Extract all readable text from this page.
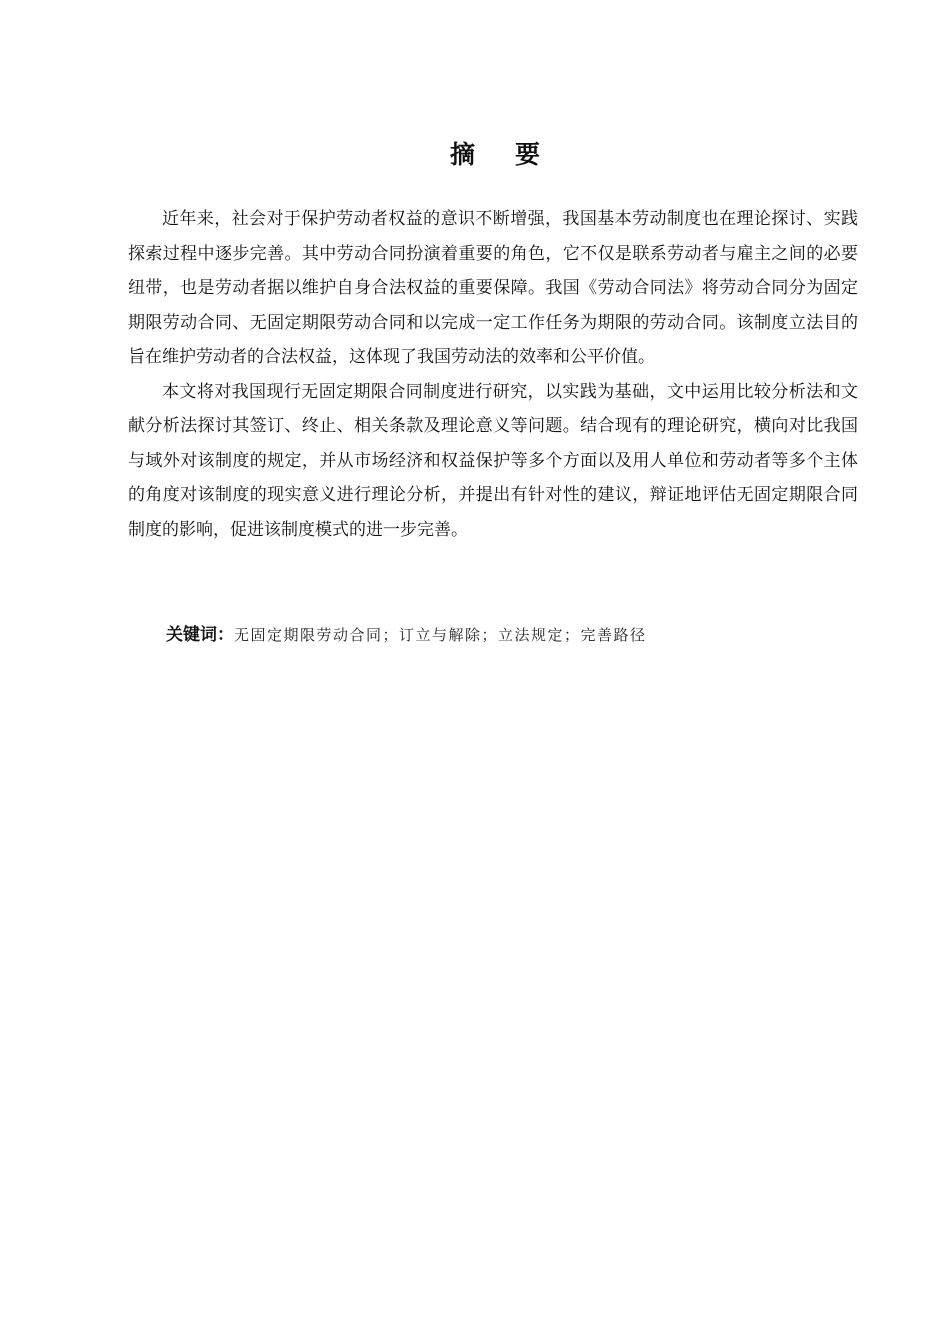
摘 要

近年来，社会对于保护劳动者权益的意识不断增强，我国基本劳动制度也在理论探讨、实践探索过程中逐步完善。其中劳动合同扮演着重要的角色，它不仅是联系劳动者与雇主之间的必要纽带，也是劳动者据以维护自身合法权益的重要保障。我国《劳动合同法》将劳动合同分为固定期限劳动合同、无固定期限劳动合同和以完成一定工作任务为期限的劳动合同。该制度立法目的旨在维护劳动者的合法权益，这体现了我国劳动法的效率和公平价值。

本文将对我国现行无固定期限合同制度进行研究，以实践为基础，文中运用比较分析法和文献分析法探讨其签订、终止、相关条款及理论意义等问题。结合现有的理论研究，横向对比我国与域外对该制度的规定，并从市场经济和权益保护等多个方面以及用人单位和劳动者等多个主体的角度对该制度的现实意义进行理论分析，并提出有针对性的建议，辩证地评估无固定期限合同制度的影响，促进该制度模式的进一步完善。

关键词：无固定期限劳动合同；订立与解除；立法规定；完善路径
